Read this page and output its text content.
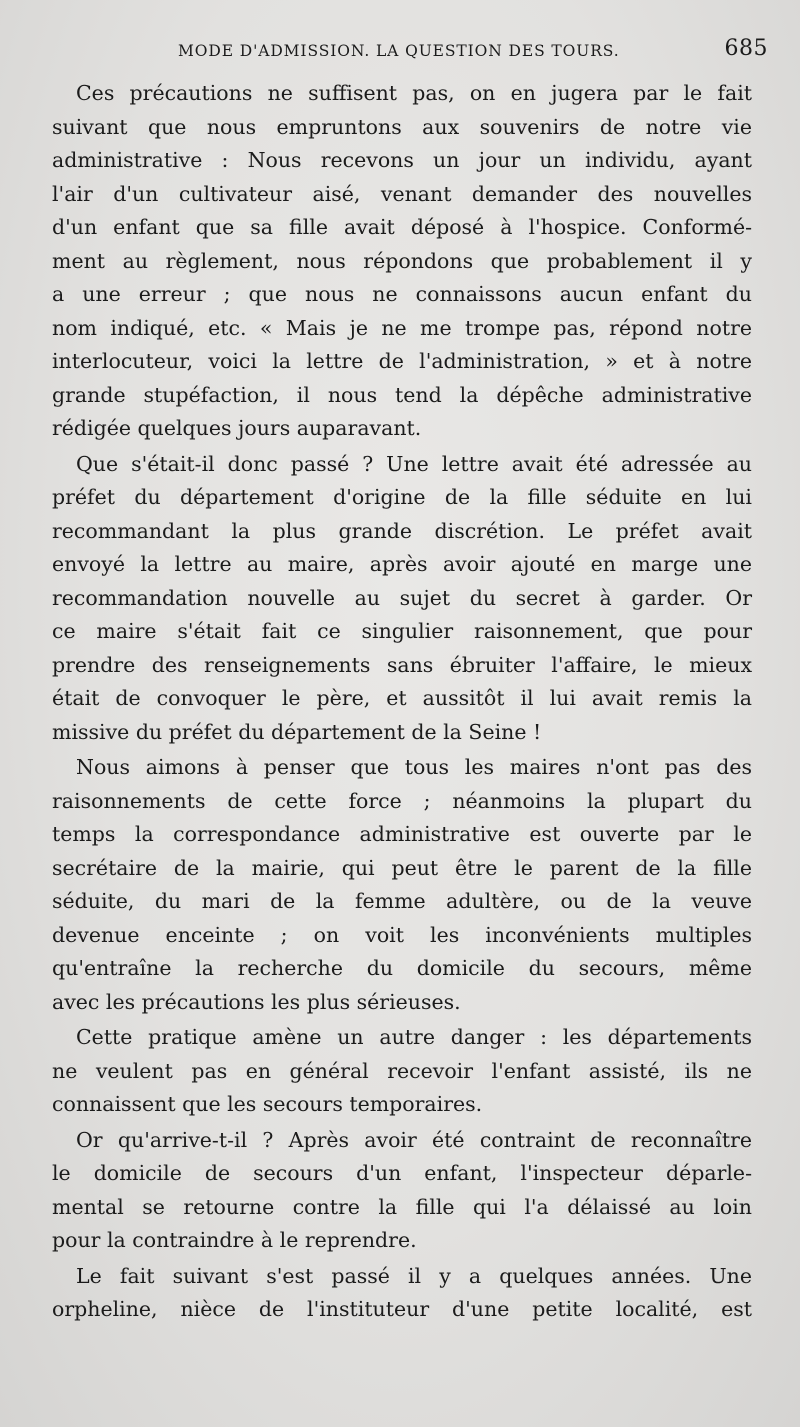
MODE D'ADMISSION. LA QUESTION DES TOURS.	685

Ces précautions ne suffisent pas, on en jugera par le fait
suivant que nous empruntons aux souvenirs de notre vie
administrative : Nous recevons un jour un individu, ayant
l'air d'un cultivateur aisé, venant demander des nouvelles
d'un enfant que sa fille avait déposé à l'hospice. Conformé-
ment au règlement, nous répondons que probablement il y
a une erreur ; que nous ne connaissons aucun enfant du
nom indiqué, etc. « Mais je ne me trompe pas, répond notre
interlocuteur, voici la lettre de l'administration, » et à notre
grande stupéfaction, il nous tend la dépêche administrative
rédigée quelques jours auparavant.

Que s'était-il donc passé ? Une lettre avait été adressée au
préfet du département d'origine de la fille séduite en lui
recommandant la plus grande discrétion. Le préfet avait
envoyé la lettre au maire, après avoir ajouté en marge une
recommandation nouvelle au sujet du secret à garder. Or
ce maire s'était fait ce singulier raisonnement, que pour
prendre des renseignements sans ébruiter l'affaire, le mieux
était de convoquer le père, et aussitôt il lui avait remis la
missive du préfet du département de la Seine !

Nous aimons à penser que tous les maires n'ont pas des
raisonnements de cette force ; néanmoins la plupart du
temps la correspondance administrative est ouverte par le
secrétaire de la mairie, qui peut être le parent de la fille
séduite, du mari de la femme adultère, ou de la veuve
devenue enceinte ; on voit les inconvénients multiples
qu'entraîne la recherche du domicile du secours, même
avec les précautions les plus sérieuses.

Cette pratique amène un autre danger : les départements
ne veulent pas en général recevoir l'enfant assisté, ils ne
connaissent que les secours temporaires.

Or qu'arrive-t-il ? Après avoir été contraint de reconnaître
le domicile de secours d'un enfant, l'inspecteur déparle-
mental se retourne contre la fille qui l'a délaissé au loin
pour la contraindre à le reprendre.

Le fait suivant s'est passé il y a quelques années. Une
orpheline, nièce de l'instituteur d'une petite localité, est
